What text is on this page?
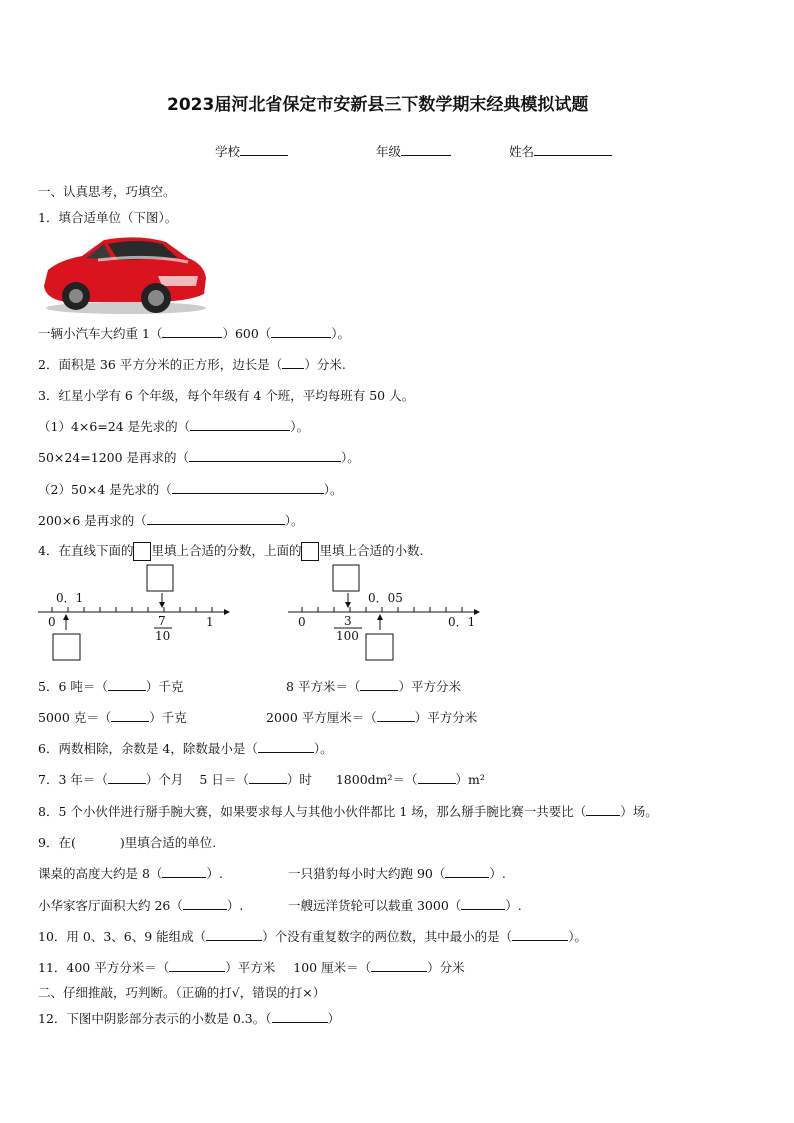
2023届河北省保定市安新县三下数学期末经典模拟试题
学校	年级	姓名
一、认真思考，巧填空。
1．填合适单位（下图）。
一辆小汽车大约重 1（	）600（	）。
2．面积是 36 平方分米的正方形，边长是（ ）分米.
3．红星小学有 6 个年级，每个年级有 4 个班，平均每班有 50 人。
（1）4×6=24 是先求的（	）。
50×24=1200 是再求的（	）。
（2）50×4 是先求的（	）。
200×6 是再求的（	）。
4．在直线下面的 里填上合适的分数，上面的 里填上合适的小数.
0．1
0	7
10
1
0．05
0	3
100
0．1
5．6 吨＝（	）千克	8 平方米＝（	）平方分米
5000 克＝（	）千克	2000 平方厘米＝（	）平方分米
6．两数相除，余数是 4，除数最小是（	）。
7．3 年＝（	）个月 5 日＝（	）时 1800dm²＝（	）m²
8．5 个小伙伴进行掰手腕大赛，如果要求每人与其他小伙伴都比 1 场，那么掰手腕比赛一共要比（	）场。
9．在(	)里填合适的单位.
课桌的高度大约是 8（	）.	一只猎豹每小时大约跑 90（	）.
小华家客厅面积大约 26（	）.	一艘远洋货轮可以载重 3000（	）.
10．用 0、3、6、9 能组成（	）个没有重复数字的两位数，其中最小的是（	）。
11．400 平方分米＝（	）平方米 100 厘米＝（	）分米
二、仔细推敲，巧判断。（正确的打√，错误的打×）
12．下图中阴影部分表示的小数是 0.3。（	）
